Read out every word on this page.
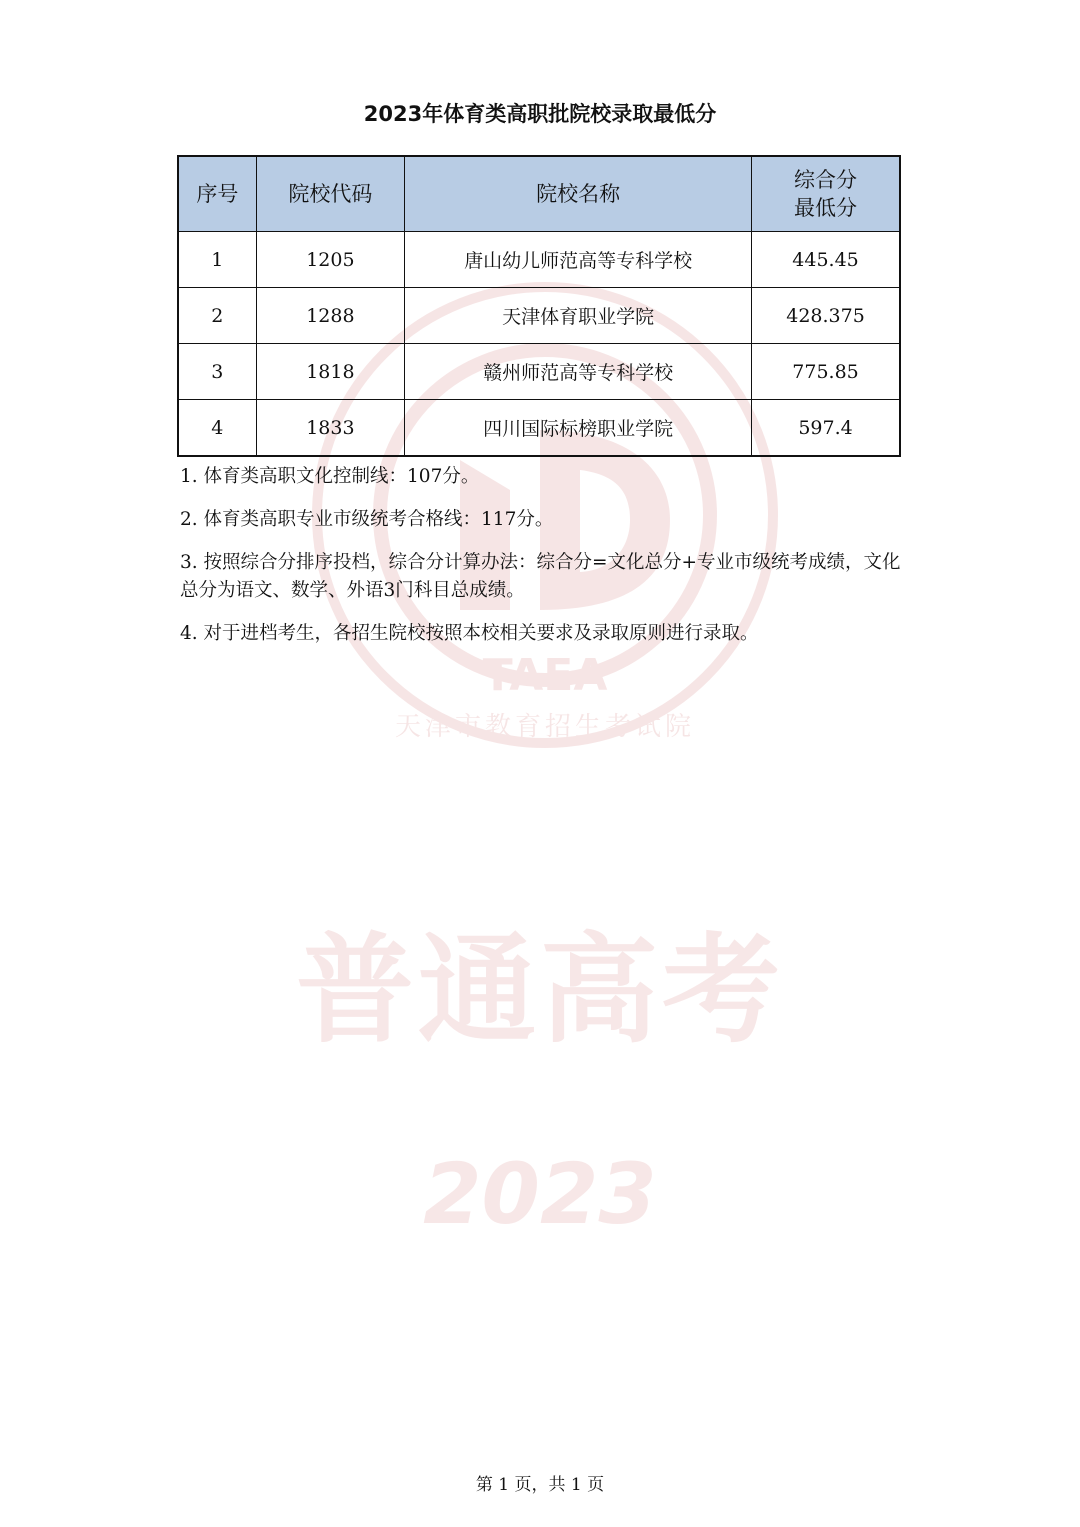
TAEA
天津市教育招生考试院
普通高考
2023
2023年体育类高职批院校录取最低分
序号	院校代码	院校名称	综合分
最低分

1	1205	唐山幼儿师范高等专科学校	445.45
2	1288	天津体育职业学院	428.375
3	1818	赣州师范高等专科学校	775.85
4	1833	四川国际标榜职业学院	597.4

1. 体育类高职文化控制线：107分。

2. 体育类高职专业市级统考合格线：117分。

3. 按照综合分排序投档，综合分计算办法：综合分=文化总分+专业市级统考成绩，文化总分为语文、数学、外语3门科目总成绩。

4. 对于进档考生，各招生院校按照本校相关要求及录取原则进行录取。

第 1 页，共 1 页
